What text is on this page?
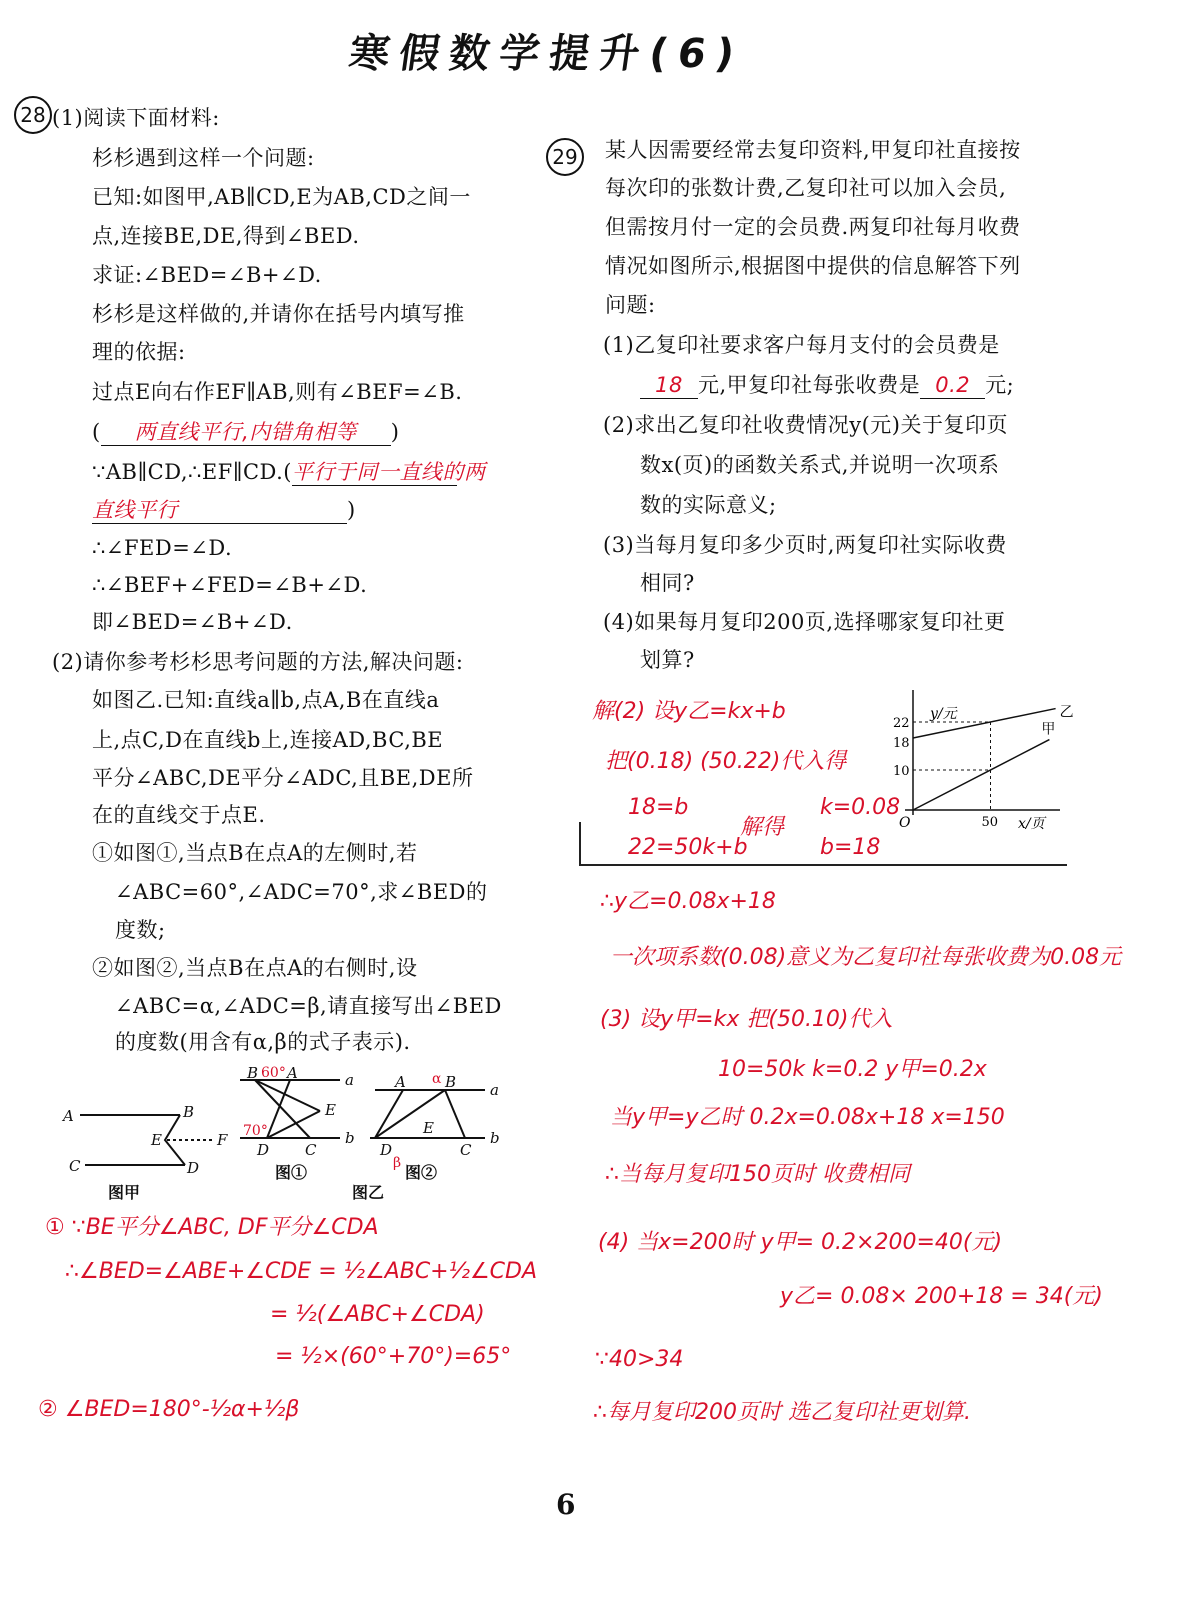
寒假数学提升(6)
28 (1)阅读下面材料:
杉杉遇到这样一个问题:
已知:如图甲,AB∥CD,E为AB,CD之间一
点,连接BE,DE,得到∠BED.
求证:∠BED=∠B+∠D.
杉杉是这样做的,并请你在括号内填写推
理的依据:
过点E向右作EF∥AB,则有∠BEF=∠B.
( 两直线平行,内错角相等 )
∵AB∥CD,∴EF∥CD.(平行于同一直线的两
直线平行	)
∴∠FED=∠D.
∴∠BEF+∠FED=∠B+∠D.
即∠BED=∠B+∠D.
(2)请你参考杉杉思考问题的方法,解决问题:
如图乙.已知:直线a∥b,点A,B在直线a
上,点C,D在直线b上,连接AD,BC,BE
平分∠ABC,DE平分∠ADC,且BE,DE所
在的直线交于点E.
①如图①,当点B在点A的左侧时,若
∠ABC=60°,∠ADC=70°,求∠BED的
度数;
②如图②,当点B在点A的右侧时,设
∠ABC=α,∠ADC=β,请直接写出∠BED
的度数(用含有α,β的式子表示).
A	B
E	F
C	D
B A	a
E
D C
b
A	B a
E
D	C
b
60°
70°
α
β
图甲
图①	图②
图乙
① ∵BE平分∠ABC, DF平分∠CDA
∴∠BED=∠ABE+∠CDE = ½∠ABC+½∠CDA
= ½(∠ABC+∠CDA)
= ½×(60°+70°)=65°
② ∠BED=180°-½α+½β
29 某人因需要经常去复印资料,甲复印社直接按
每次印的张数计费,乙复印社可以加入会员,
但需按月付一定的会员费.两复印社每月收费
情况如图所示,根据图中提供的信息解答下列
问题:
(1)乙复印社要求客户每月支付的会员费是
18 元,甲复印社每张收费是 0.2 元;
(2)求出乙复印社收费情况y(元)关于复印页
数x(页)的函数关系式,并说明一次项系
数的实际意义;
(3)当每月复印多少页时,两复印社实际收费
相同?
(4)如果每月复印200页,选择哪家复印社更
划算?
解(2) 设y乙=kx+b
把(0.18) (50.22)代入得
18=b
22=50k+b
解得
k=0.08
b=18
∴y乙=0.08x+18
一次项系数(0.08)意义为乙复印社每张收费为0.08元
(3) 设y甲=kx 把(50.10)代入
10=50k k=0.2 y甲=0.2x
当y甲=y乙时 0.2x=0.08x+18 x=150
∴当每月复印150页时 收费相同
(4) 当x=200时 y甲= 0.2×200=40(元)
y乙= 0.08× 200+18 = 34(元)
∵40>34
∴每月复印200页时 选乙复印社更划算.
y/元
x/页
O
22
18
10
50
甲
乙
6
